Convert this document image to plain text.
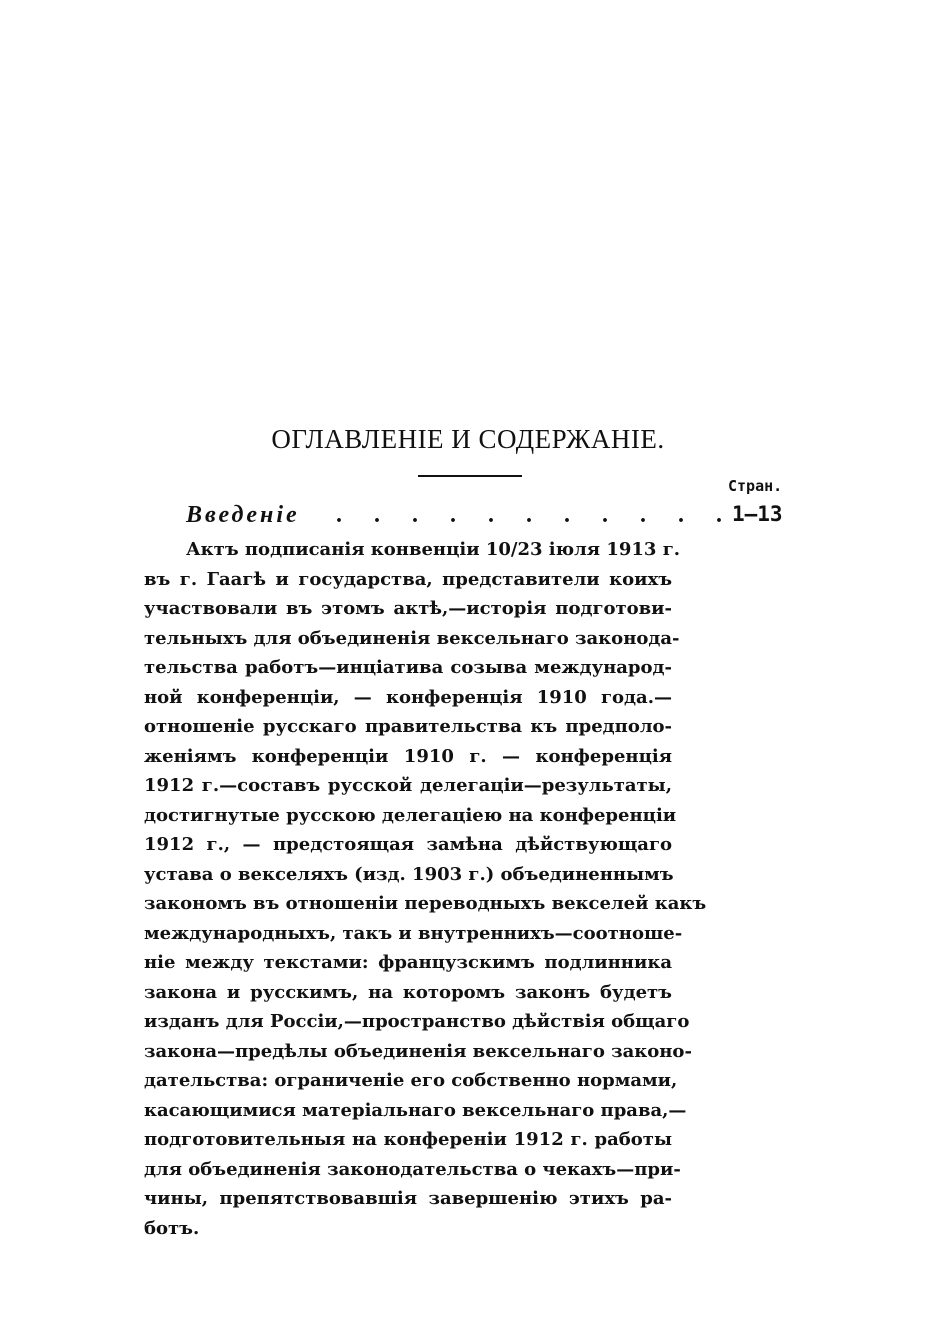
ОГЛАВЛЕНІЕ И СОДЕРЖАНІЕ.
Стран.
Введеніе . . . . . . . . . . .
1—13
Актъ подписанія конвенціи 10/23 іюля 1913 г.
въ г. Гаагѣ и государства, представители коихъ
участвовали въ этомъ актѣ,—исторія подготови-
тельныхъ для объединенія вексельнаго законода-
тельства работъ—инціатива созыва международ-
ной конференціи, — конференція 1910 года.—
отношеніе русскаго правительства къ предполо-
женіямъ конференціи 1910 г. — конференція
1912 г.—составъ русской делегаціи—результаты,
достигнутые русскою делегаціею на конференціи
1912 г., — предстоящая замѣна дѣйствующаго
устава о векселяхъ (изд. 1903 г.) объединеннымъ
закономъ въ отношеніи переводныхъ векселей какъ
международныхъ, такъ и внутреннихъ—соотноше-
ніе между текстами: французскимъ подлинника
закона и русскимъ, на которомъ законъ будетъ
изданъ для Россіи,—пространство дѣйствія общаго
закона—предѣлы объединенія вексельнаго законо-
дательства: ограниченіе его собственно нормами,
касающимися матеріальнаго вексельнаго права,—
подготовительныя на конференіи 1912 г. работы
для объединенія законодательства о чекахъ—при-
чины, препятствовавшія завершенію этихъ ра-
ботъ.
